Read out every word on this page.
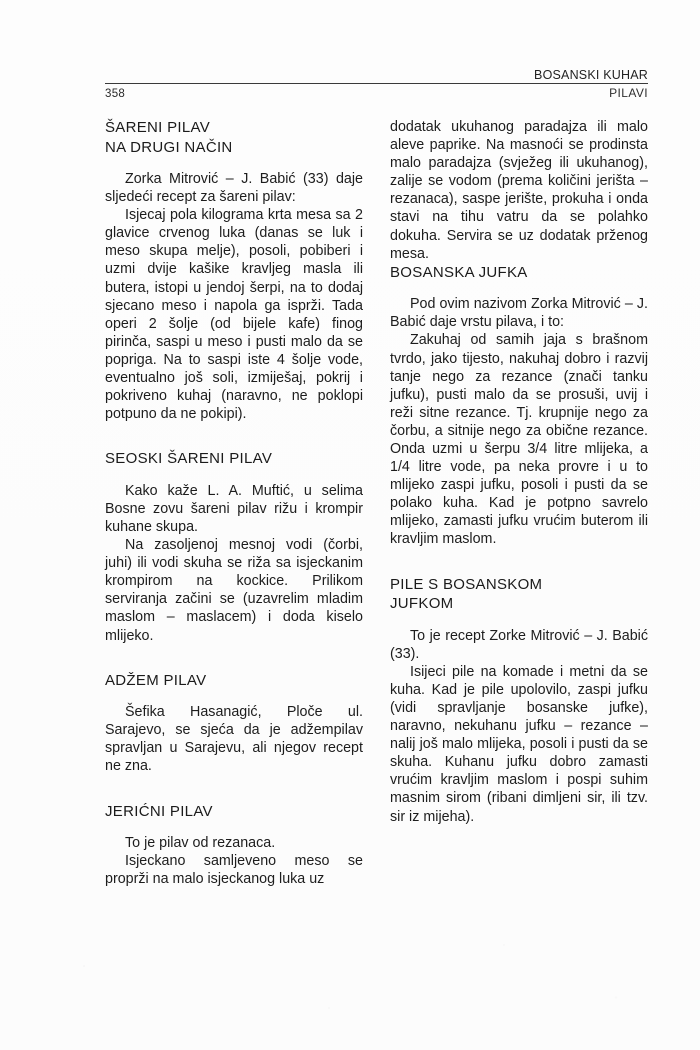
BOSANSKI KUHAR
358	PILAVI
ŠARENI PILAV
NA DRUGI NAČIN

Zorka Mitrović – J. Babić (33) daje sljedeći recept za šareni pilav:

Isjecaj pola kilograma krta mesa sa 2 glavice crvenog luka (danas se luk i meso skupa melje), posoli, pobiberi i uzmi dvije kašike kravljeg masla ili butera, istopi u jendoj šerpi, na to dodaj sjecano meso i napola ga isprži. Tada operi 2 šolje (od bijele kafe) finog pirinča, saspi u meso i pusti malo da se popriga. Na to saspi iste 4 šolje vode, eventualno još soli, izmiješaj, pokrij i pokriveno kuhaj (naravno, ne poklopi potpuno da ne pokipi).

SEOSKI ŠARENI PILAV

Kako kaže L. A. Muftić, u selima Bosne zovu šareni pilav rižu i krompir kuhane skupa.

Na zasoljenoj mesnoj vodi (čorbi, juhi) ili vodi skuha se riža sa isjeckanim krompirom na kockice. Prilikom serviranja začini se (uzavrelim mladim maslom – maslacem) i doda kiselo mlijeko.

ADŽEM PILAV

Šefika Hasanagić, Ploče ul. Sarajevo, se sjeća da je adžempilav spravljan u Sarajevu, ali njegov recept ne zna.

JERIĆNI PILAV

To je pilav od rezanaca.

Isjeckano samljeveno meso se proprži na malo isjeckanog luka uz

dodatak ukuhanog paradajza ili malo aleve paprike. Na masnoći se prodinsta malo paradajza (svježeg ili ukuhanog), zalije se vodom (prema količini jerišta – rezanaca), saspe jerište, prokuha i onda stavi na tihu vatru da se polahko dokuha. Servira se uz dodatak prženog mesa.

BOSANSKA JUFKA

Pod ovim nazivom Zorka Mitrović – J. Babić daje vrstu pilava, i to:

Zakuhaj od samih jaja s brašnom tvrdo, jako tijesto, nakuhaj dobro i razvij tanje nego za rezance (znači tanku jufku), pusti malo da se prosuši, uvij i reži sitne rezance. Tj. krupnije nego za čorbu, a sitnije nego za obične rezance. Onda uzmi u šerpu 3/4 litre mlijeka, a 1/4 litre vode, pa neka provre i u to mlijeko zaspi jufku, posoli i pusti da se polako kuha. Kad je potpno savrelo mlijeko, zamasti jufku vrućim buterom ili kravljim maslom.

PILE S BOSANSKOM
JUFKOM

To je recept Zorke Mitrović – J. Babić (33).

Isijeci pile na komade i metni da se kuha. Kad je pile upolovilo, zaspi jufku (vidi spravljanje bosanske jufke), naravno, nekuhanu jufku – rezance – nalij još malo mlijeka, posoli i pusti da se skuha. Kuhanu jufku dobro zamasti vrućim kravljim maslom i pospi suhim masnim sirom (ribani dimljeni sir, ili tzv. sir iz mijeha).
